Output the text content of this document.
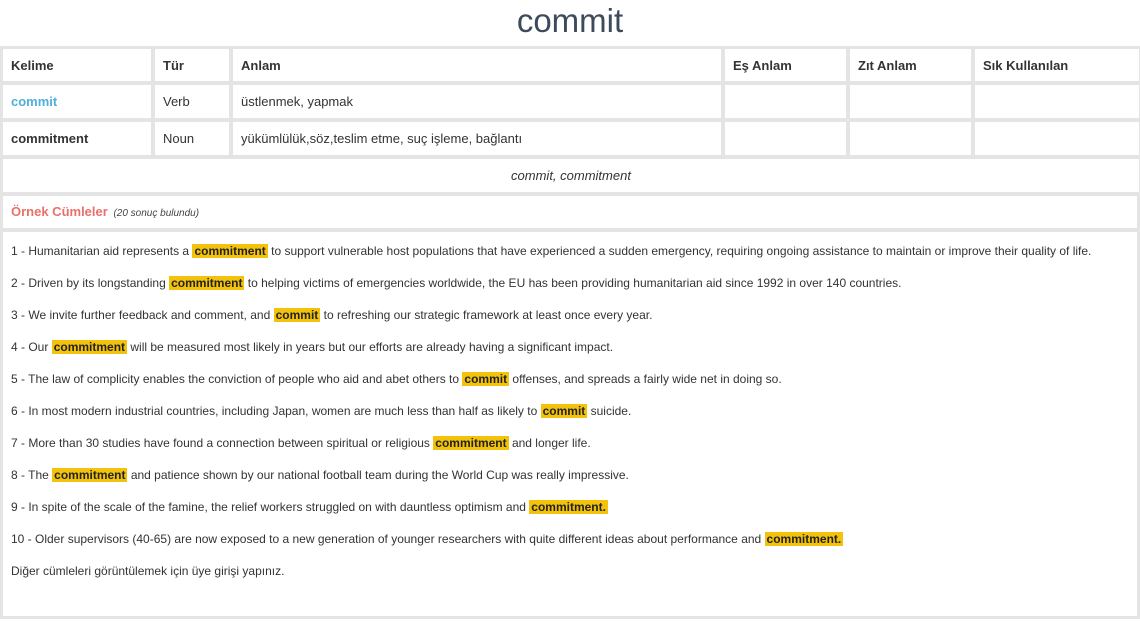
commit
Kelime	Tür	Anlam	Eş Anlam	Zıt Anlam	Sık Kullanılan
commit	Verb	üstlenmek, yapmak			
commitment	Noun	yükümlülük,söz,teslim etme, suç işleme, bağlantı			
commit, commitment					
Örnek Cümleler (20 sonuç bulundu)

1 - Humanitarian aid represents a commitment to support vulnerable host populations that have experienced a sudden emergency, requiring ongoing assistance to maintain or improve their quality of life.

2 - Driven by its longstanding commitment to helping victims of emergencies worldwide, the EU has been providing humanitarian aid since 1992 in over 140 countries.

3 - We invite further feedback and comment, and commit to refreshing our strategic framework at least once every year.

4 - Our commitment will be measured most likely in years but our efforts are already having a significant impact.

5 - The law of complicity enables the conviction of people who aid and abet others to commit offenses, and spreads a fairly wide net in doing so.

6 - In most modern industrial countries, including Japan, women are much less than half as likely to commit suicide.

7 - More than 30 studies have found a connection between spiritual or religious commitment and longer life.

8 - The commitment and patience shown by our national football team during the World Cup was really impressive.

9 - In spite of the scale of the famine, the relief workers struggled on with dauntless optimism and commitment.

10 - Older supervisors (40-65) are now exposed to a new generation of younger researchers with quite different ideas about performance and commitment.

Diğer cümleleri görüntülemek için üye girişi yapınız.
